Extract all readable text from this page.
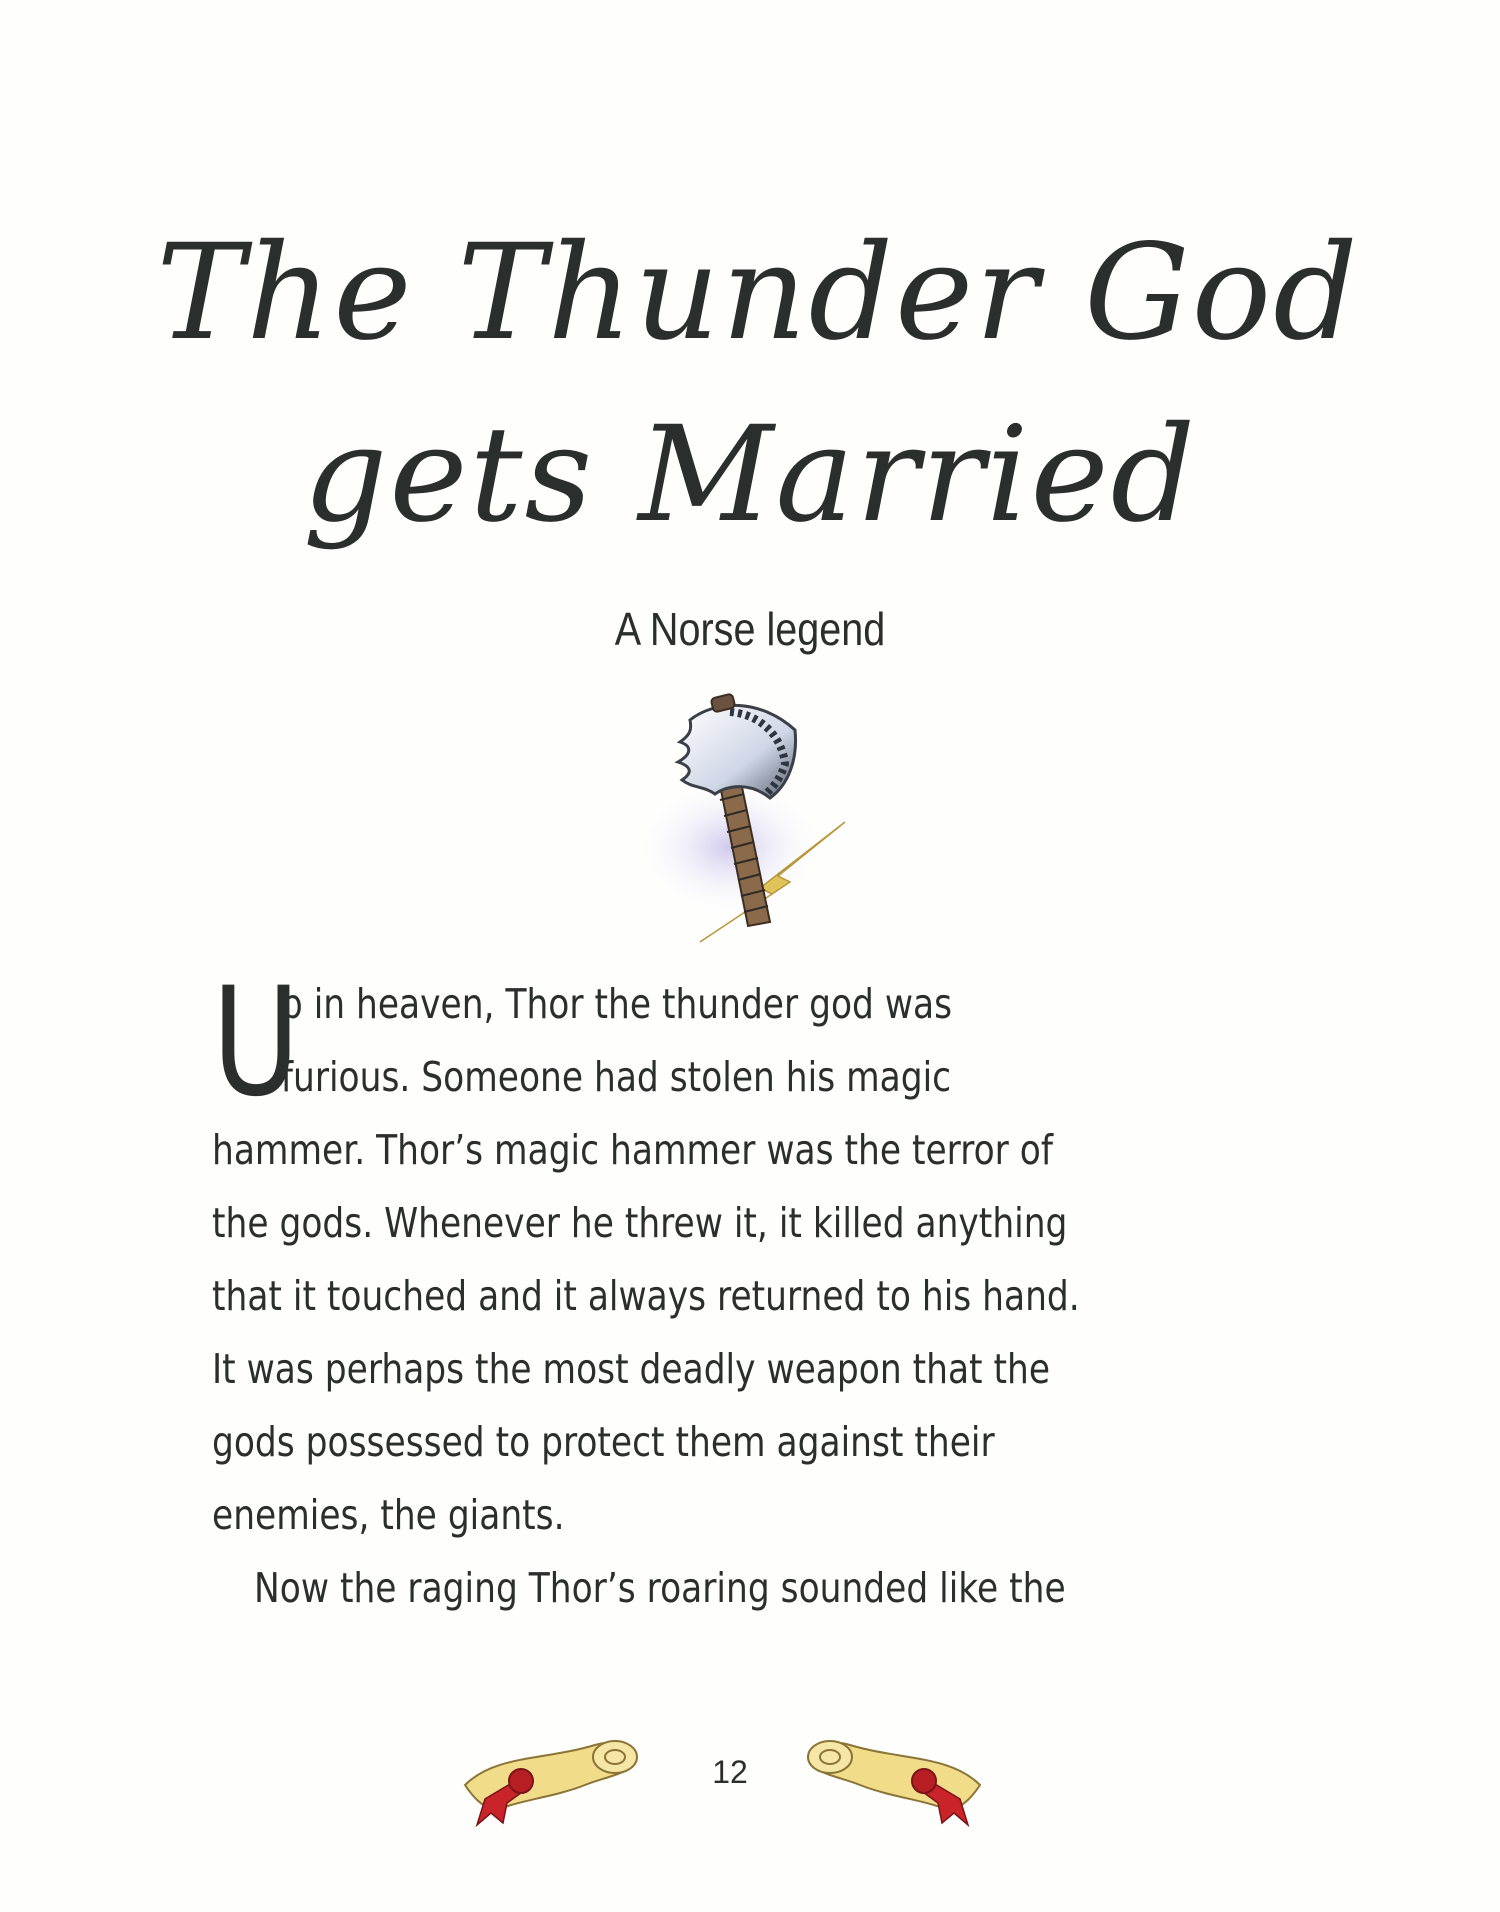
The Thunder God
gets Married
A Norse legend
U
p in heaven, Thor the thunder god was
furious. Someone had stolen his magic
hammer. Thor’s magic hammer was the terror of
the gods. Whenever he threw it, it killed anything
that it touched and it always returned to his hand.
It was perhaps the most deadly weapon that the
gods possessed to protect them against their
enemies, the giants.
Now the raging Thor’s roaring sounded like the
12
